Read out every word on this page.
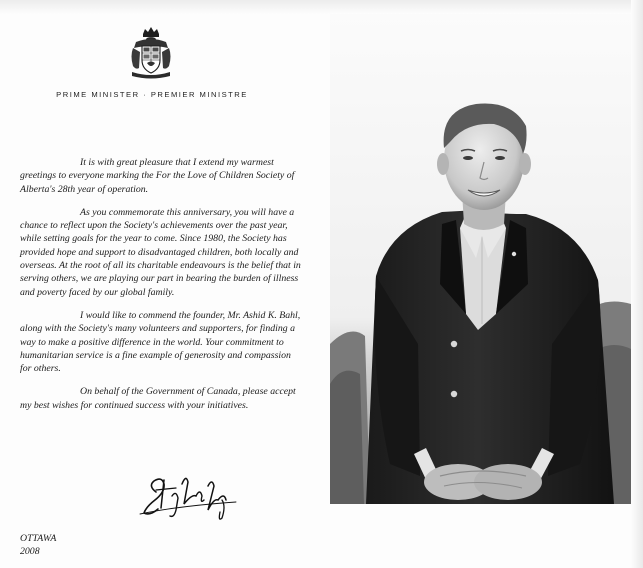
PRIME MINISTER · PREMIER MINISTRE

It is with great pleasure that I extend my warmest greetings to everyone marking the For the Love of Children Society of Alberta's 28th year of operation.

As you commemorate this anniversary, you will have a chance to reflect upon the Society's achievements over the past year, while setting goals for the year to come. Since 1980, the Society has provided hope and support to disadvantaged children, both locally and overseas. At the root of all its charitable endeavours is the belief that in serving others, we are playing our part in bearing the burden of illness and poverty faced by our global family.

I would like to commend the founder, Mr. Ashid K. Bahl, along with the Society's many volunteers and supporters, for finding a way to make a positive difference in the world. Your commitment to humanitarian service is a fine example of generosity and compassion for others.

On behalf of the Government of Canada, please accept my best wishes for continued success with your initiatives.

OTTAWA
2008
